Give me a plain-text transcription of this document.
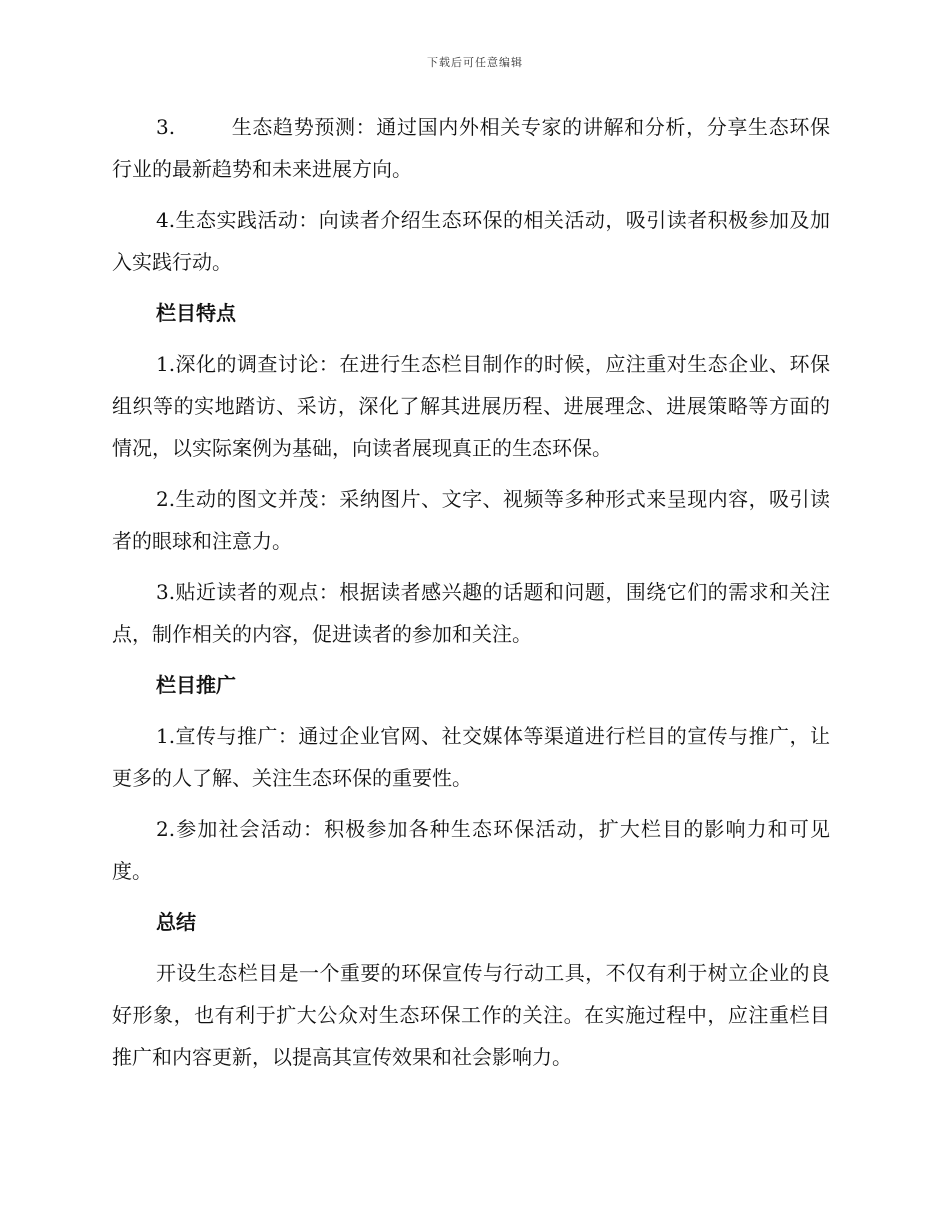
下载后可任意编辑

3.	生态趋势预测：通过国内外相关专家的讲解和分析，分享生态环保行业的最新趋势和未来进展方向。

4.生态实践活动：向读者介绍生态环保的相关活动，吸引读者积极参加及加入实践行动。

栏目特点

1.深化的调查讨论：在进行生态栏目制作的时候，应注重对生态企业、环保组织等的实地踏访、采访，深化了解其进展历程、进展理念、进展策略等方面的情况，以实际案例为基础，向读者展现真正的生态环保。

2.生动的图文并茂：采纳图片、文字、视频等多种形式来呈现内容，吸引读者的眼球和注意力。

3.贴近读者的观点：根据读者感兴趣的话题和问题，围绕它们的需求和关注点，制作相关的内容，促进读者的参加和关注。

栏目推广

1.宣传与推广：通过企业官网、社交媒体等渠道进行栏目的宣传与推广，让更多的人了解、关注生态环保的重要性。

2.参加社会活动：积极参加各种生态环保活动，扩大栏目的影响力和可见度。

总结

开设生态栏目是一个重要的环保宣传与行动工具，不仅有利于树立企业的良好形象，也有利于扩大公众对生态环保工作的关注。在实施过程中，应注重栏目推广和内容更新，以提高其宣传效果和社会影响力。
